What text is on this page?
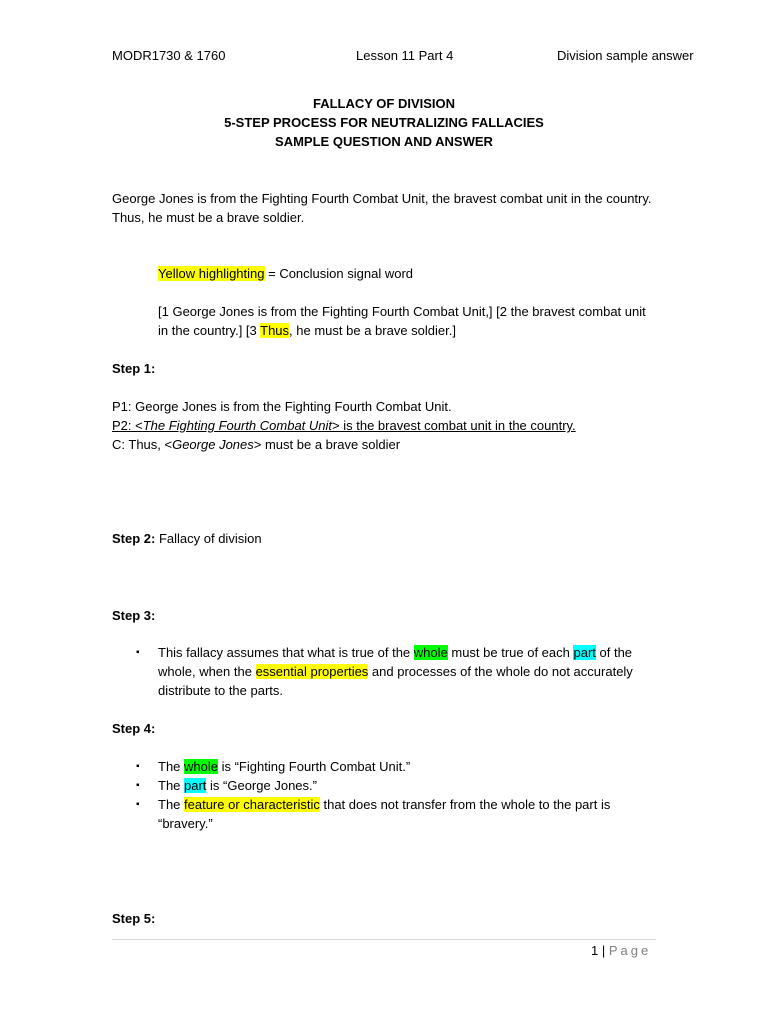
MODR1730 & 1760	Lesson 11 Part 4	Division sample answer
FALLACY OF DIVISION
5-STEP PROCESS FOR NEUTRALIZING FALLACIES
SAMPLE QUESTION AND ANSWER
George Jones is from the Fighting Fourth Combat Unit, the bravest combat unit in the country. Thus, he must be a brave soldier.
Yellow highlighting = Conclusion signal word
[1 George Jones is from the Fighting Fourth Combat Unit,] [2 the bravest combat unit in the country.] [3 Thus, he must be a brave soldier.]
Step 1:
P1: George Jones is from the Fighting Fourth Combat Unit.
P2: <The Fighting Fourth Combat Unit> is the bravest combat unit in the country.
C: Thus, <George Jones> must be a brave soldier
Step 2: Fallacy of division
Step 3:
▪ This fallacy assumes that what is true of the whole must be true of each part of the whole, when the essential properties and processes of the whole do not accurately distribute to the parts.
Step 4:
▪ The whole is “Fighting Fourth Combat Unit.”
▪ The part is “George Jones.”
▪ The feature or characteristic that does not transfer from the whole to the part is “bravery.”
Step 5:
1 | Page
